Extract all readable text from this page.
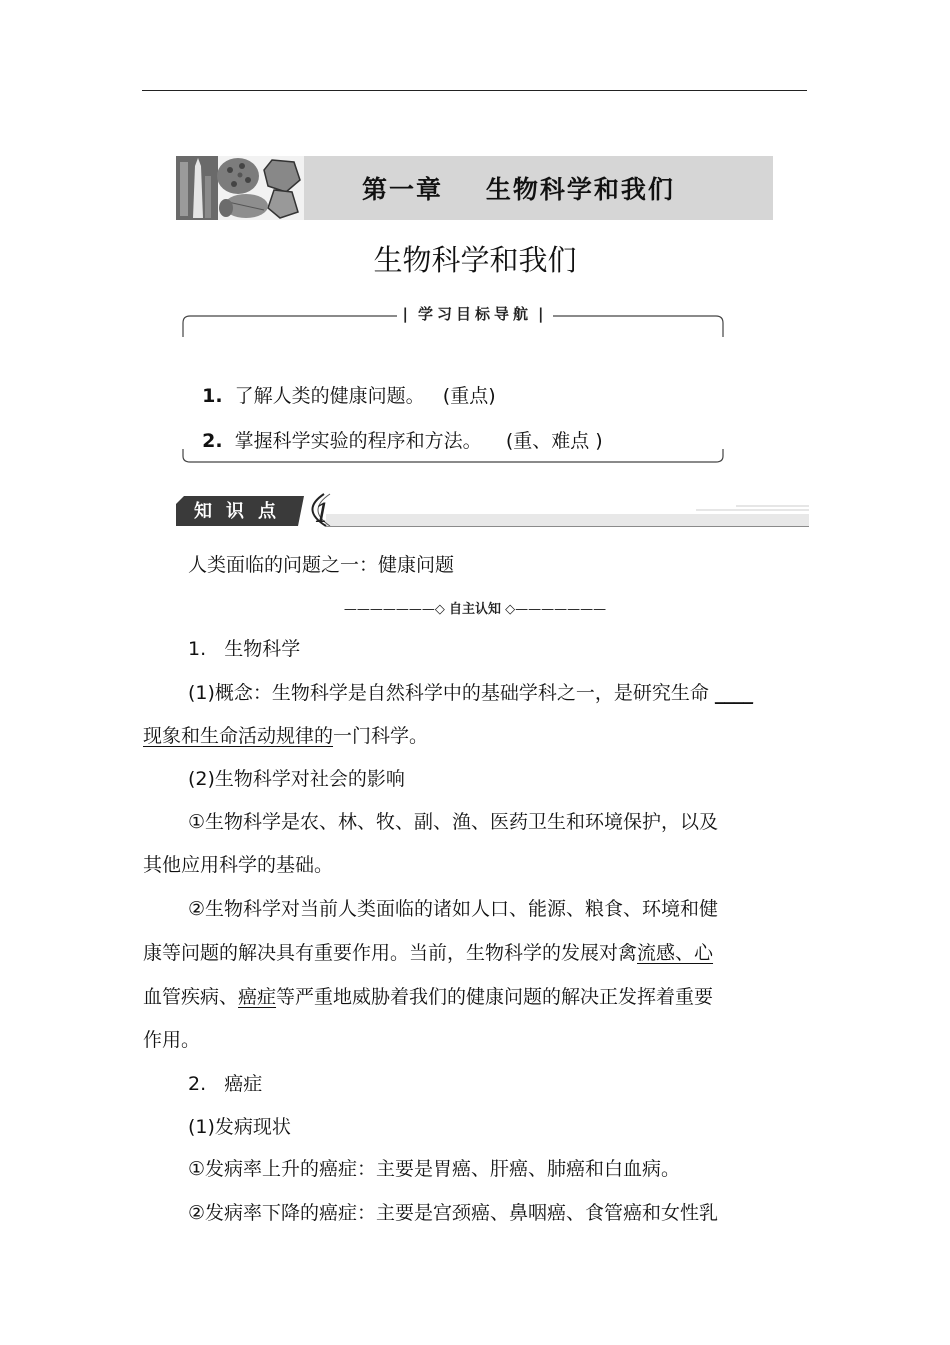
第一章    生物科学和我们
生物科学和我们
| 学习目标导航 |

1. 了解人类的健康问题。 (重点)

2. 掌握科学实验的程序和方法。 (重、难点 )

1
知识点
人类面临的问题之一：健康问题
———————◇ 自主认知 ◇———————
1.   生物科学
(1)概念：生物科学是自然科学中的基础学科之一，是研究生命 ____
现象和生命活动规律的一门科学。
(2)生物科学对社会的影响
①生物科学是农、林、牧、副、渔、医药卫生和环境保护，以及
其他应用科学的基础。
②生物科学对当前人类面临的诸如人口、能源、粮食、环境和健
康等问题的解决具有重要作用。当前，生物科学的发展对禽流感、心
血管疾病、癌症等严重地威胁着我们的健康问题的解决正发挥着重要
作用。
2.   癌症
(1)发病现状
①发病率上升的癌症：主要是胃癌、肝癌、肺癌和白血病。
②发病率下降的癌症：主要是宫颈癌、鼻咽癌、食管癌和女性乳
